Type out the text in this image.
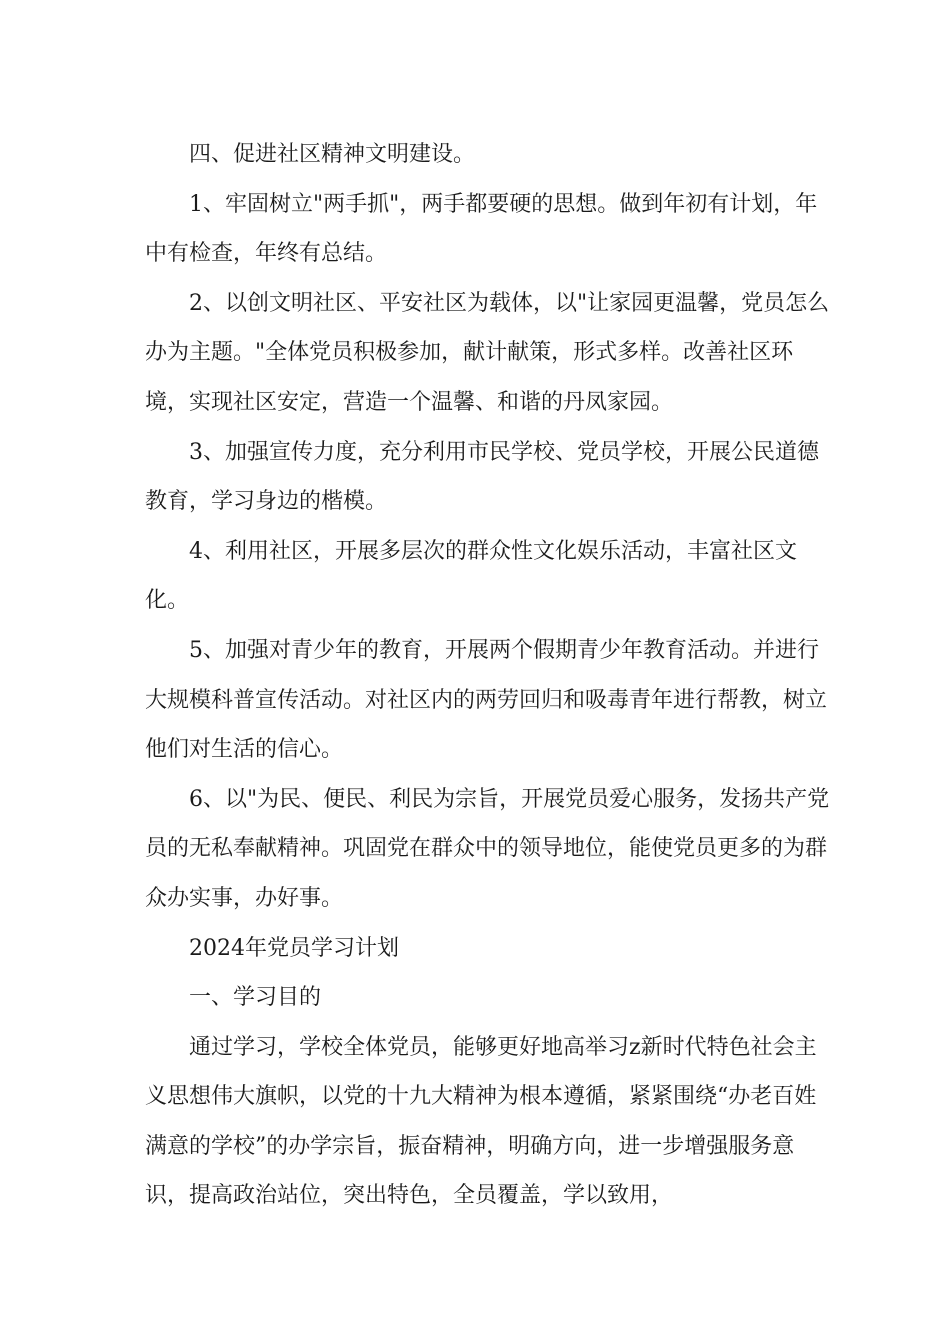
四、促进社区精神文明建设。

1、牢固树立"两手抓"，两手都要硬的思想。做到年初有计划，年中有检查，年终有总结。

2、以创文明社区、平安社区为载体，以"让家园更温馨，党员怎么办为主题。"全体党员积极参加，献计献策，形式多样。改善社区环境，实现社区安定，营造一个温馨、和谐的丹凤家园。

3、加强宣传力度，充分利用市民学校、党员学校，开展公民道德教育，学习身边的楷模。

4、利用社区，开展多层次的群众性文化娱乐活动，丰富社区文化。

5、加强对青少年的教育，开展两个假期青少年教育活动。并进行大规模科普宣传活动。对社区内的两劳回归和吸毒青年进行帮教，树立他们对生活的信心。

6、以"为民、便民、利民为宗旨，开展党员爱心服务，发扬共产党员的无私奉献精神。巩固党在群众中的领导地位，能使党员更多的为群众办实事，办好事。

2024年党员学习计划

一、学习目的

通过学习，学校全体党员，能够更好地高举习z新时代特色社会主义思想伟大旗帜，以党的十九大精神为根本遵循，紧紧围绕“办老百姓满意的学校”的办学宗旨，振奋精神，明确方向，进一步增强服务意识，提高政治站位，突出特色，全员覆盖，学以致用，
